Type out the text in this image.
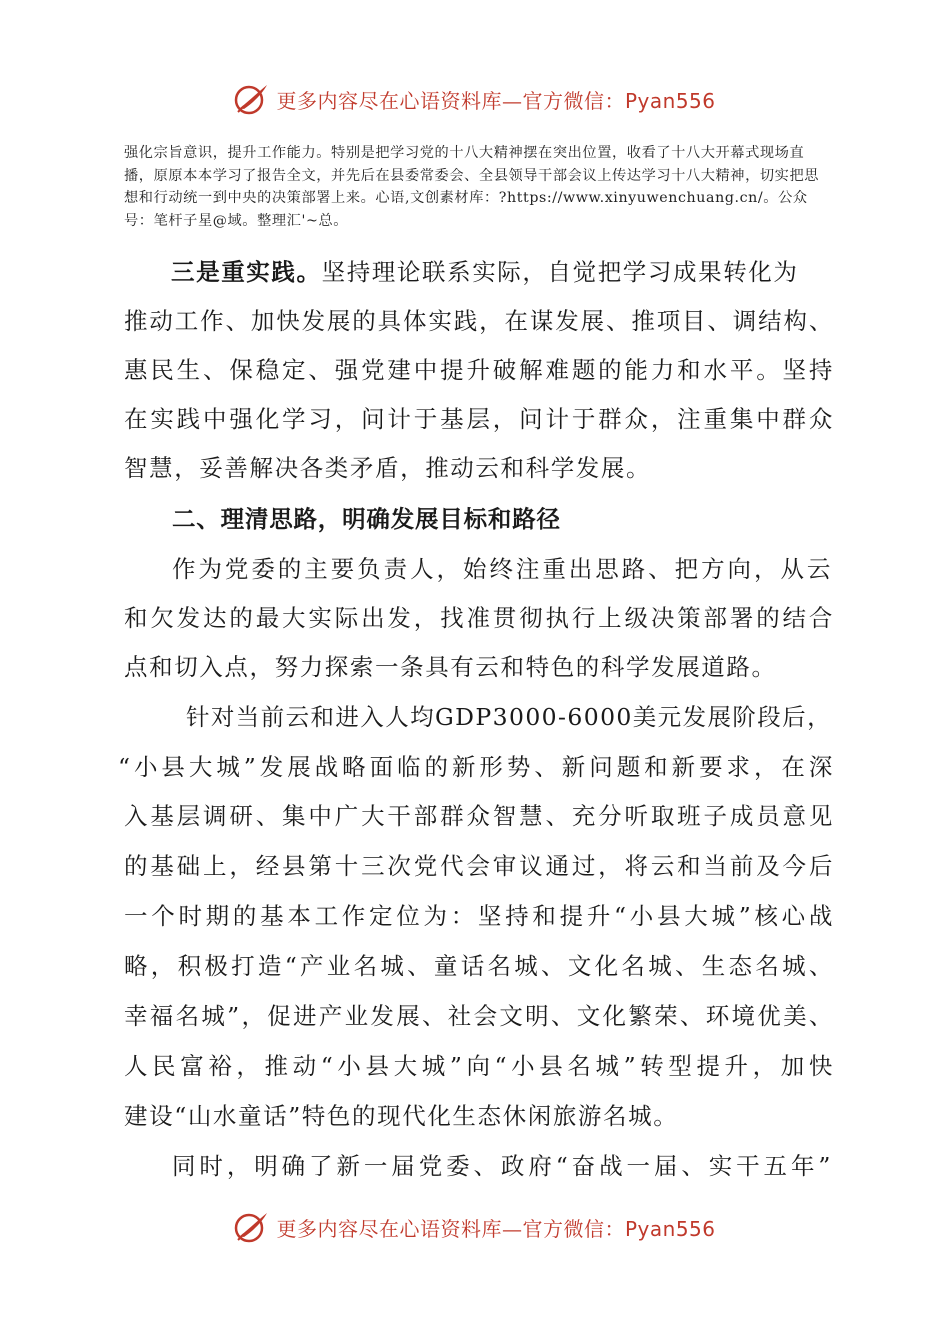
更多内容尽在心语资料库—官方微信：Pyan556
强化宗旨意识，提升工作能力。特别是把学习党的十八大精神摆在突出位置，收看了十八大开幕式现场直播，原原本本学习了报告全文，并先后在县委常委会、全县领导干部会议上传达学习十八大精神，切实把思想和行动统一到中央的决策部署上来。心语,文创素材库：?https://www.xinyuwenchuang.cn/。公众号：笔杆子星@域。整理汇'~总。
三是重实践。坚持理论联系实际，自觉把学习成果转化为
推动工作、加快发展的具体实践，在谋发展、推项目、调结构、
惠民生、保稳定、强党建中提升破解难题的能力和水平。坚持
在实践中强化学习，问计于基层，问计于群众，注重集中群众
智慧，妥善解决各类矛盾，推动云和科学发展。
二、理清思路，明确发展目标和路径
作为党委的主要负责人，始终注重出思路、把方向，从云
和欠发达的最大实际出发，找准贯彻执行上级决策部署的结合
点和切入点，努力探索一条具有云和特色的科学发展道路。
针对当前云和进入人均GDP3000-6000美元发展阶段后，
“小县大城”发展战略面临的新形势、新问题和新要求，在深
入基层调研、集中广大干部群众智慧、充分听取班子成员意见
的基础上，经县第十三次党代会审议通过，将云和当前及今后
一个时期的基本工作定位为：坚持和提升“小县大城”核心战
略，积极打造“产业名城、童话名城、文化名城、生态名城、
幸福名城”，促进产业发展、社会文明、文化繁荣、环境优美、
人民富裕，推动“小县大城”向“小县名城”转型提升，加快
建设“山水童话”特色的现代化生态休闲旅游名城。
同时，明确了新一届党委、政府“奋战一届、实干五年”
更多内容尽在心语资料库—官方微信：Pyan556
